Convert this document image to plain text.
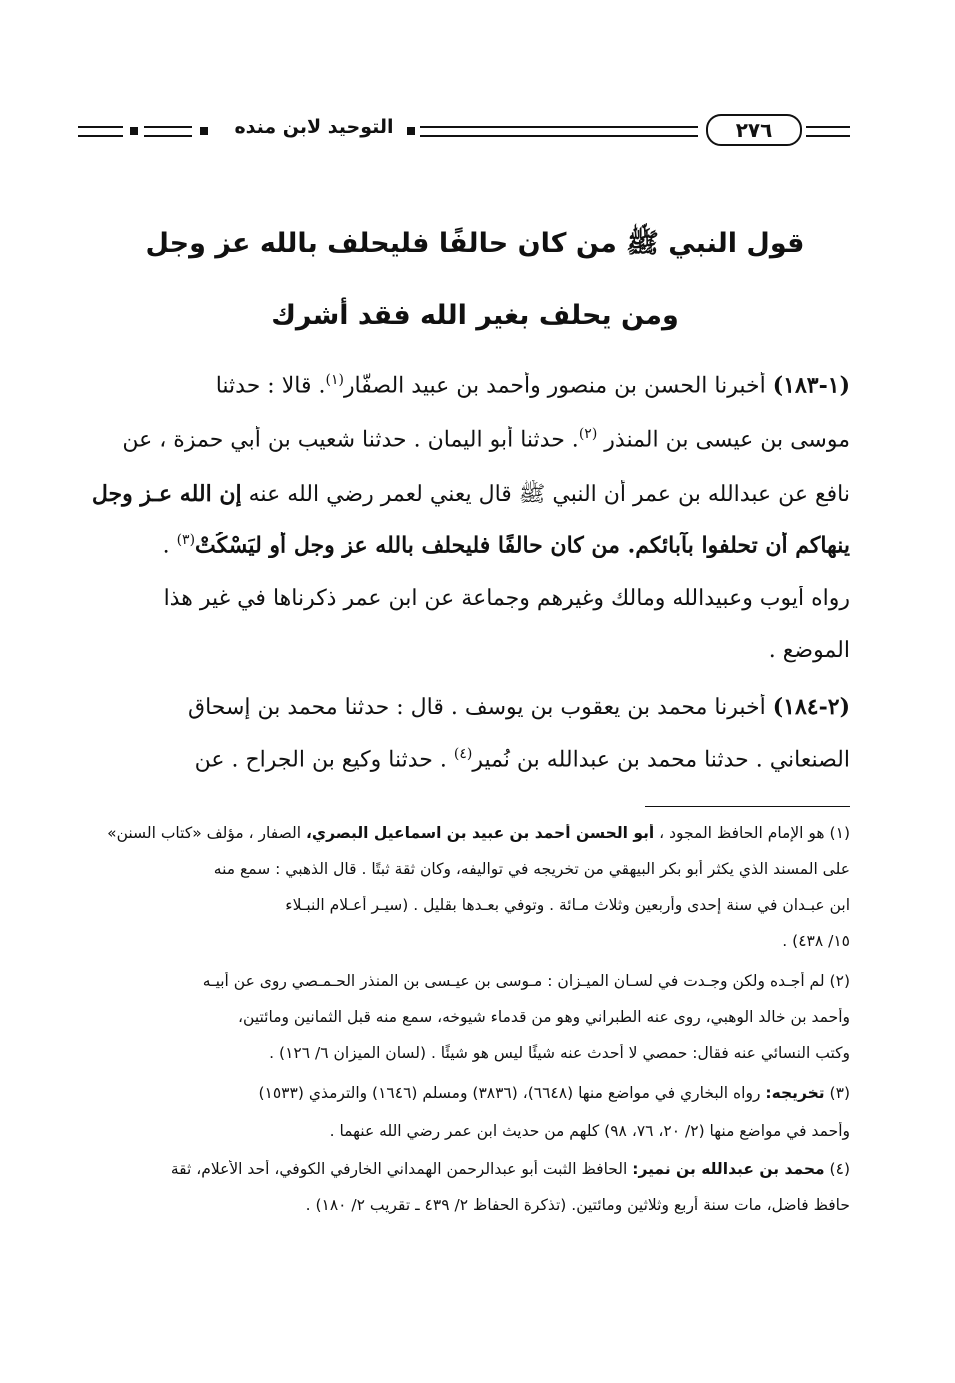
التوحيد لابن منده	٢٧٦
قول النبي ﷺ من كان حالفًا فليحلف بالله عز وجل
ومن يحلف بغير الله فقد أشرك
(١-١٨٣) أخبرنا الحسن بن منصور وأحمد بن عبيد الصفّار$^{(١)}$. قالا : حدثنا
موسى بن عيسى بن المنذر $^{(٢)}$. حدثنا أبو اليمان . حدثنا شعيب بن أبي حمزة ، عن
نافع عن عبدالله بن عمر أن النبي ﷺ قال يعني لعمر رضي الله عنه إن الله عـز وجل
ينهاكم أن تحلفوا بآبائكم. من كان حالفًا فليحلف بالله عز وجل أو ليَسْكُتْ$^{(٣)}$ .
رواه أيوب وعبيدالله ومالك وغيرهم وجماعة عن ابن عمر ذكرناها في غير هذا
الموضع .
(٢-١٨٤) أخبرنا محمد بن يعقوب بن يوسف . قال : حدثنا محمد بن إسحاق
الصنعاني . حدثنا محمد بن عبدالله بن نُمير$^{(٤)}$ . حدثنا وكيع بن الجراح . عن
(١) هو الإمام الحافظ المجود ، أبو الحسن أحمد بن عبيد بن اسماعيل البصري، الصفار ، مؤلف «كتاب السنن»
على المسند الذي يكثر أبو بكر البيهقي من تخريجه في تواليفه، وكان ثقة ثبتًا . قال الذهبي : سمع منه
ابن عبـدان في سنة إحدى وأربعين وثلاث مـائة . وتوفي بعـدها بقليل . (سيـر أعـلام النبـلاء
١٥/ ٤٣٨) .
(٢) لم أجـده ولكن وجـدت في لسـان الميـزان : مـوسى بن عيـسى بن المنذر الحـمـصي روى عن أبيـه
وأحمد بن خالد الوهبي، روى عنه الطبراني وهو من قدماء شيوخه، سمع منه قبل الثمانين ومائتين،
وكتب النسائي عنه فقال: حمصي لا أحدث عنه شيئًا ليس هو شيئًا . (لسان الميزان ٦/ ١٢٦) .
(٣) تخريجه: رواه البخاري في مواضع منها (٦٦٤٨)، (٣٨٣٦) ومسلم (١٦٤٦) والترمذي (١٥٣٣)
وأحمد في مواضع منها (٢/ ٢٠، ٧٦، ٩٨) كلهم من حديث ابن عمر رضي الله عنهما .
(٤) محمد بن عبدالله بن نمير: الحافظ الثبت أبو عبدالرحمن الهمداني الخارفي الكوفي، أحد الأعلام، ثقة
حافظ فاضل، مات سنة أربع وثلاثين ومائتين. (تذكرة الحفاظ ٢/ ٤٣٩ ـ تقريب ٢/ ١٨٠) .
